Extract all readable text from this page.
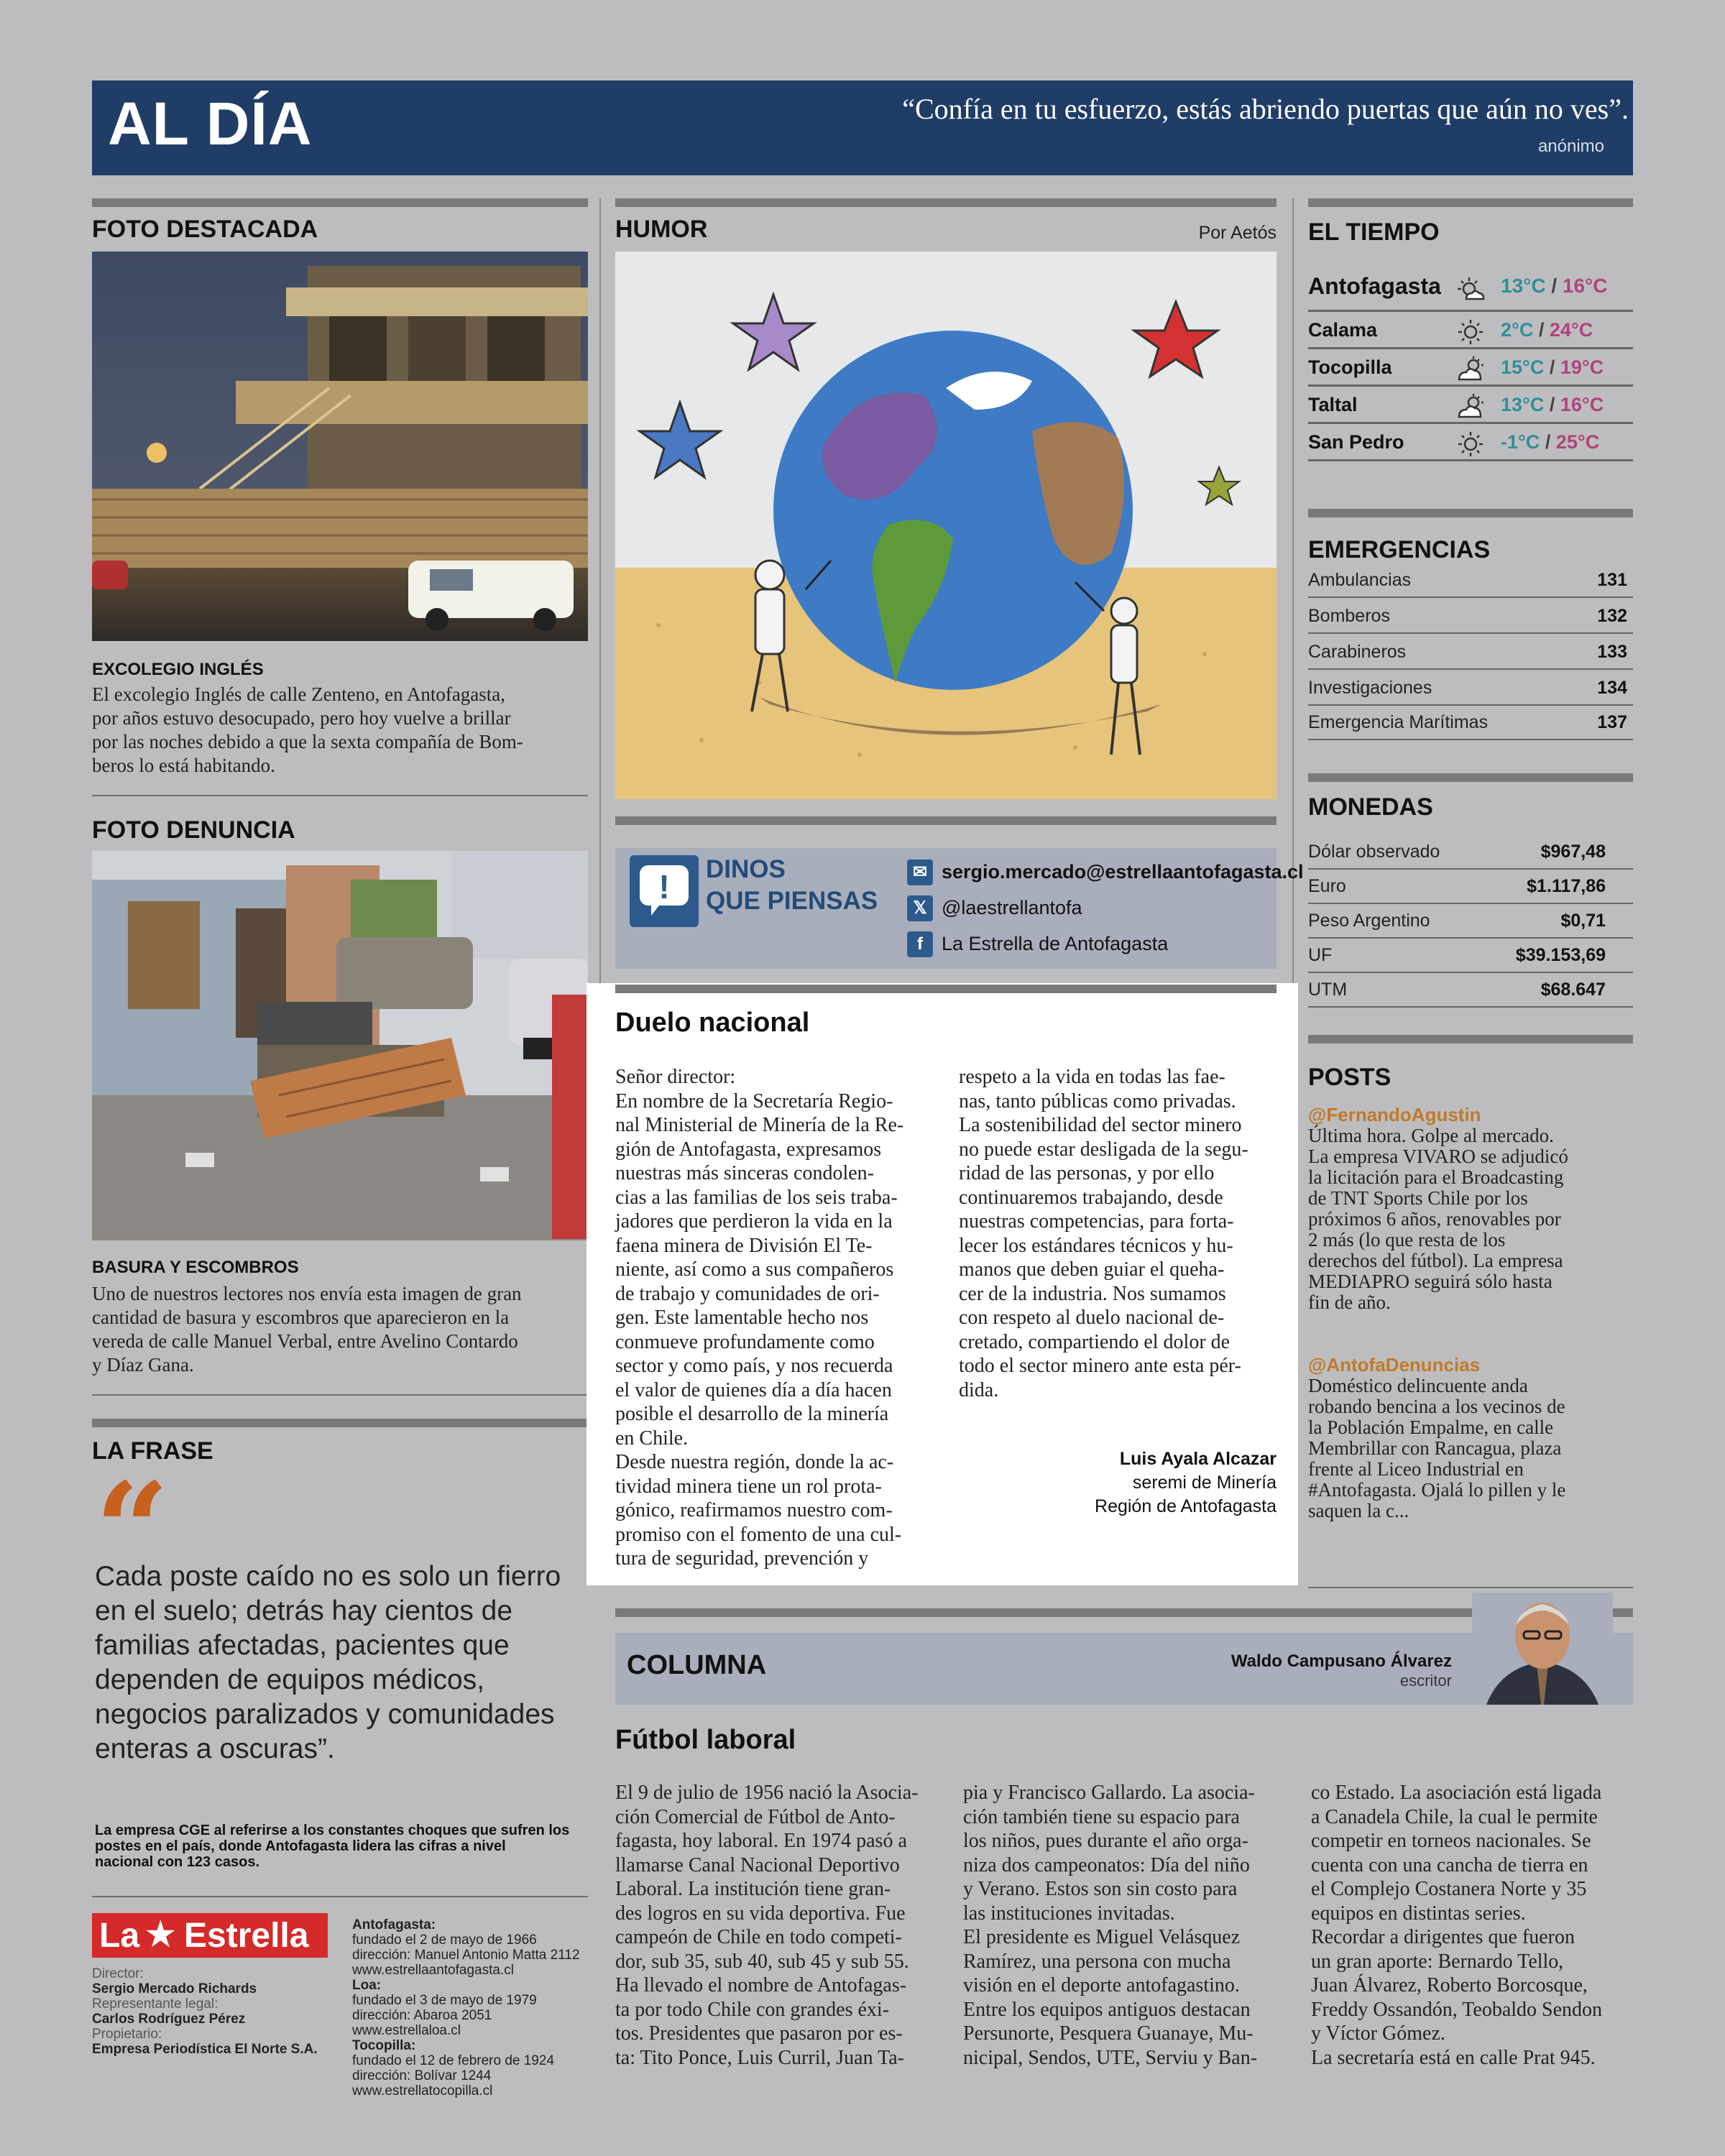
AL DÍA	“Confía en tu esfuerzo, estás abriendo puertas que aún no ves”.
anónimo
FOTO DESTACADA
EXCOLEGIO INGLÉS
El excolegio Inglés de calle Zenteno, en Antofagasta,
por años estuvo desocupado, pero hoy vuelve a brillar
por las noches debido a que la sexta compañía de Bom-
beros lo está habitando.
FOTO DENUNCIA
BASURA Y ESCOMBROS
Uno de nuestros lectores nos envía esta imagen de gran
cantidad de basura y escombros que aparecieron en la
vereda de calle Manuel Verbal, entre Avelino Contardo
y Díaz Gana.
LA FRASE
“
Cada poste caído no es solo un fierro
en el suelo; detrás hay cientos de
familias afectadas, pacientes que
dependen de equipos médicos,
negocios paralizados y comunidades
enteras a oscuras”.
La empresa CGE al referirse a los constantes choques que sufren los
postes en el país, donde Antofagasta lidera las cifras a nivel
nacional con 123 casos.
La ★ Estrella
Director:
Sergio Mercado Richards
Representante legal:
Carlos Rodríguez Pérez
Propietario:
Empresa Periodística El Norte S.A.
Antofagasta:
fundado el 2 de mayo de 1966
dirección: Manuel Antonio Matta 2112
www.estrellaantofagasta.cl
Loa:
fundado el 3 de mayo de 1979
dirección: Abaroa 2051
www.estrellaloa.cl
Tocopilla:
fundado el 12 de febrero de 1924
dirección: Bolívar 1244
www.estrellatocopilla.cl
HUMOR	Por Aetós
! DINOS
QUE PIENSAS
✉ sergio.mercado@estrellaantofagasta.cl
𝕏 @laestrellantofa
f La Estrella de Antofagasta
Duelo nacional
Señor director:
En nombre de la Secretaría Regio-
nal Ministerial de Minería de la Re-
gión de Antofagasta, expresamos
nuestras más sinceras condolen-
cias a las familias de los seis traba-
jadores que perdieron la vida en la
faena minera de División El Te-
niente, así como a sus compañeros
de trabajo y comunidades de ori-
gen. Este lamentable hecho nos
conmueve profundamente como
sector y como país, y nos recuerda
el valor de quienes día a día hacen
posible el desarrollo de la minería
en Chile.
Desde nuestra región, donde la ac-
tividad minera tiene un rol prota-
gónico, reafirmamos nuestro com-
promiso con el fomento de una cul-
tura de seguridad, prevención y
respeto a la vida en todas las fae-
nas, tanto públicas como privadas.
La sostenibilidad del sector minero
no puede estar desligada de la segu-
ridad de las personas, y por ello
continuaremos trabajando, desde
nuestras competencias, para forta-
lecer los estándares técnicos y hu-
manos que deben guiar el queha-
cer de la industria. Nos sumamos
con respeto al duelo nacional de-
cretado, compartiendo el dolor de
todo el sector minero ante esta pér-
dida.
Luis Ayala Alcazar
seremi de Minería
Región de Antofagasta
COLUMNA	Waldo Campusano Álvarez
escritor
Fútbol laboral
El 9 de julio de 1956 nació la Asocia-
ción Comercial de Fútbol de Anto-
fagasta, hoy laboral. En 1974 pasó a
llamarse Canal Nacional Deportivo
Laboral. La institución tiene gran-
des logros en su vida deportiva. Fue
campeón de Chile en todo competi-
dor, sub 35, sub 40, sub 45 y sub 55.
Ha llevado el nombre de Antofagas-
ta por todo Chile con grandes éxi-
tos. Presidentes que pasaron por es-
ta: Tito Ponce, Luis Curril, Juan Ta-
pia y Francisco Gallardo. La asocia-
ción también tiene su espacio para
los niños, pues durante el año orga-
niza dos campeonatos: Día del niño
y Verano. Estos son sin costo para
las instituciones invitadas.
El presidente es Miguel Velásquez
Ramírez, una persona con mucha
visión en el deporte antofagastino.
Entre los equipos antiguos destacan
Persunorte, Pesquera Guanaye, Mu-
nicipal, Sendos, UTE, Serviu y Ban-
co Estado. La asociación está ligada
a Canadela Chile, la cual le permite
competir en torneos nacionales. Se
cuenta con una cancha de tierra en
el Complejo Costanera Norte y 35
equipos en distintas series.
Recordar a dirigentes que fueron
un gran aporte: Bernardo Tello,
Juan Álvarez, Roberto Borcosque,
Freddy Ossandón, Teobaldo Sendon
y Víctor Gómez.
La secretaría está en calle Prat 945.
EL TIEMPO
Antofagasta	13°C / 16°C
Calama	2°C / 24°C
Tocopilla	15°C / 19°C
Taltal	13°C / 16°C
San Pedro	-1°C / 25°C
EMERGENCIAS
Ambulancias	131
Bomberos	132
Carabineros	133
Investigaciones	134
Emergencia Marítimas	137
MONEDAS
Dólar observado	$967,48
Euro	$1.117,86
Peso Argentino	$0,71
UF	$39.153,69
UTM	$68.647
POSTS
@FernandoAgustin
Última hora. Golpe al mercado.
La empresa VIVARO se adjudicó
la licitación para el Broadcasting
de TNT Sports Chile por los
próximos 6 años, renovables por
2 más (lo que resta de los
derechos del fútbol). La empresa
MEDIAPRO seguirá sólo hasta
fin de año.
@AntofaDenuncias
Doméstico delincuente anda
robando bencina a los vecinos de
la Población Empalme, en calle
Membrillar con Rancagua, plaza
frente al Liceo Industrial en
#Antofagasta. Ojalá lo pillen y le
saquen la c...
